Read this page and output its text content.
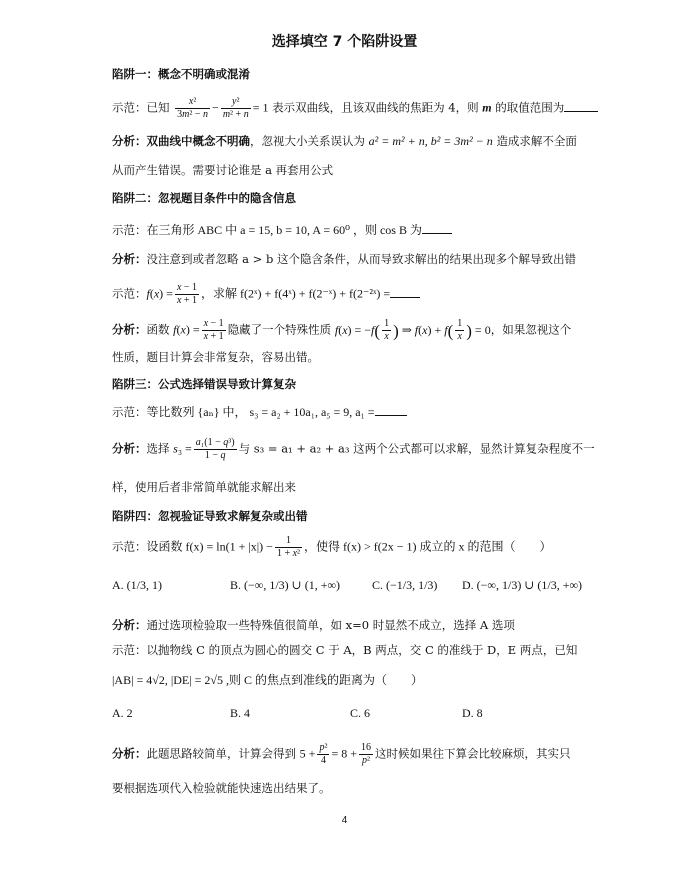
选择填空 7 个陷阱设置
陷阱一：概念不明确或混淆
示范：已知 $\frac{\text{x²}}{\text{3m² − n}} - \frac{\text{y²}}{\text{m² + n}} = 1$ 表示双曲线，且该双曲线的焦距为 4，则 m 的取值范围为
分析：双曲线中概念不明确，忽视大小关系误认为 a² = m² + n, b² = 3m² − n 造成求解不全面
从而产生错误。需要讨论谁是 a 再套用公式
陷阱二：忽视题目条件中的隐含信息
示范：在三角形 ABC 中 a = 15, b = 10, A = 60⁰ ，则 cos B 为
分析：没注意到或者忽略 a > b 这个隐含条件，从而导致求解出的结果出现多个解导致出错
示范：$f(x) = \frac{x - 1}{x + 1}$ ，求解 f(2ˣ) + f(4ˣ) + f(2⁻ˣ) + f(2⁻²ˣ) =
分析：函数 $f(x) = \frac{x - 1}{x + 1}$ 隐藏了一个特殊性质 $f(x) = -f( \frac{1}{x}$ ) ⇒ $f(x) + f( \frac{1}{x}$ ) = 0，如果忽视这个
性质，题目计算会非常复杂，容易出错。
陷阱三：公式选择错误导致计算复杂
示范：等比数列 {aₙ} 中， s₃ = a₂ + 10a₁, a₅ = 9, a₁ =
分析：选择 $s_3 = \frac{\text{a₁(1 − q³)}}{1 - q}$ 与 s₃ = a₁ + a₂ + a₃ 这两个公式都可以求解，显然计算复杂程度不一
样，使用后者非常简单就能求解出来
陷阱四：忽视验证导致求解复杂或出错
示范：设函数 $f(x) = \ln(1 + |x|) - \frac{1}{\text{1 + x²}}$ ，使得 f(x) > f(2x − 1) 成立的 x 的范围（　　）
A. (1/3, 1)	B. (−∞, 1/3) ∪ (1, +∞)	C. (−1/3, 1/3) D. (−∞, 1/3) ∪ (1/3, +∞)
分析：通过选项检验取一些特殊值很简单，如 x=0 时显然不成立，选择 A 选项
示范：以抛物线 C 的顶点为圆心的圆交 C 于 A，B 两点，交 C 的准线于 D，E 两点，已知
|AB| = 4√2, |DE| = 2√5 ,则 C 的焦点到准线的距离为（　　）
A. 2	B. 4	C. 6	D. 8
分析：此题思路较简单，计算会得到 $5 + \frac{\text{p²}}{4} = 8 + \frac{16}{\text{p²}}$ 这时候如果往下算会比较麻烦，其实只
要根据选项代入检验就能快速选出结果了。
4
